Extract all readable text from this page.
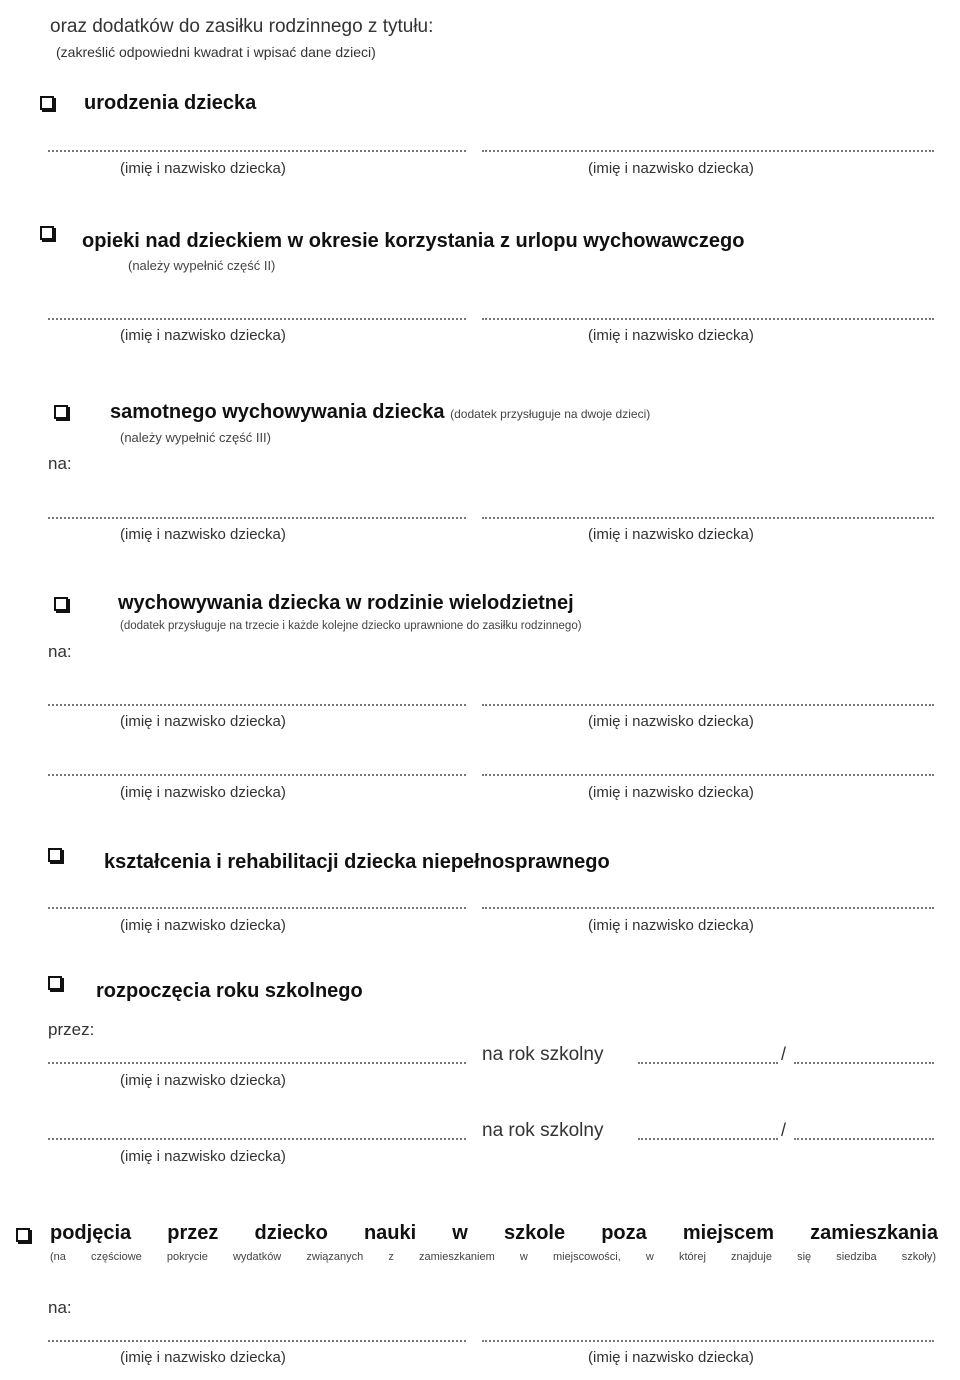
oraz dodatków do zasiłku rodzinnego z tytułu:
(zakreślić odpowiedni kwadrat i wpisać dane dzieci)
urodzenia dziecka
(imię i nazwisko dziecka)	(imię i nazwisko dziecka)
opieki nad dzieckiem w okresie korzystania z urlopu wychowawczego
(należy wypełnić część II)
(imię i nazwisko dziecka)	(imię i nazwisko dziecka)
samotnego wychowywania dziecka (dodatek przysługuje na dwoje dzieci)
(należy wypełnić część III)
na:
(imię i nazwisko dziecka)	(imię i nazwisko dziecka)
wychowywania dziecka w rodzinie wielodzietnej
(dodatek przysługuje na trzecie i każde kolejne dziecko uprawnione do zasiłku rodzinnego)
na:
(imię i nazwisko dziecka)	(imię i nazwisko dziecka)
(imię i nazwisko dziecka)	(imię i nazwisko dziecka)
kształcenia i rehabilitacji dziecka niepełnosprawnego
(imię i nazwisko dziecka)	(imię i nazwisko dziecka)
rozpoczęcia roku szkolnego
przez:
na rok szkolny	/
(imię i nazwisko dziecka)
na rok szkolny	/
(imię i nazwisko dziecka)
podjęcia przez dziecko nauki w szkole poza miejscem zamieszkania
(na częściowe pokrycie wydatków związanych z zamieszkaniem w miejscowości, w której znajduje się siedziba szkoły)
na:
(imię i nazwisko dziecka)	(imię i nazwisko dziecka)
